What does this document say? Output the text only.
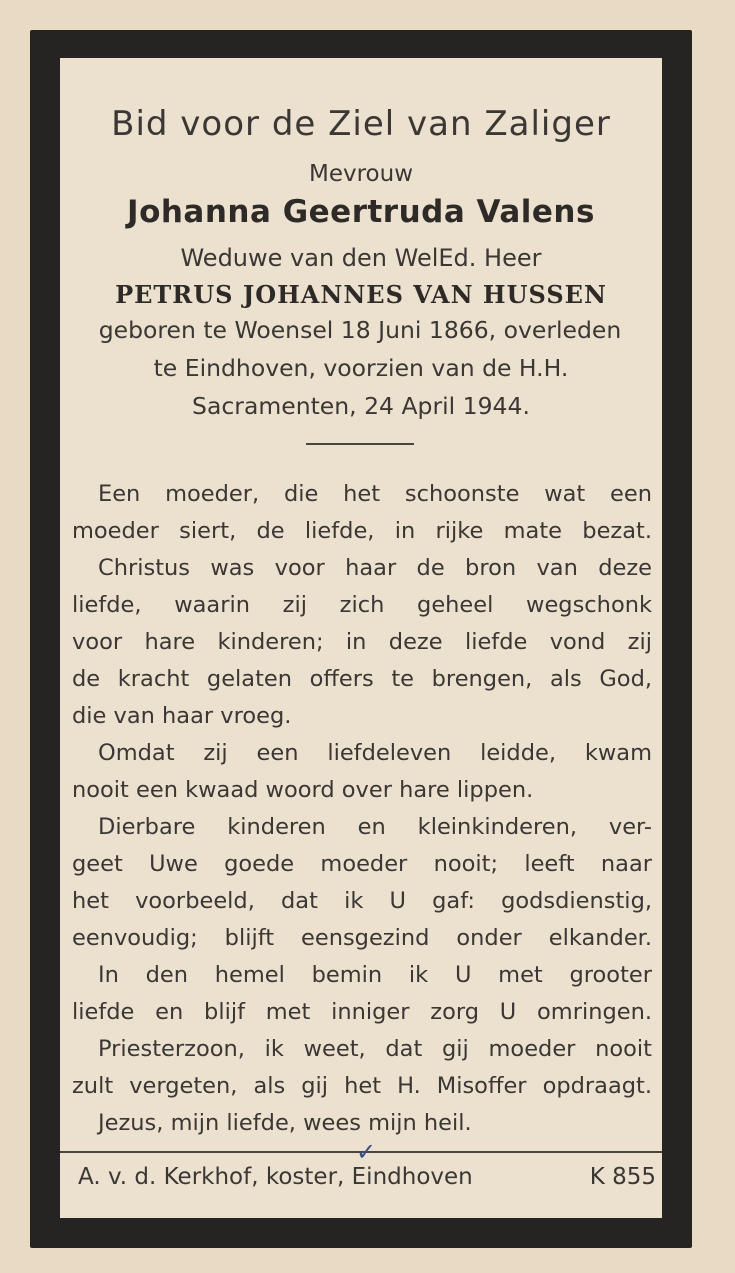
Bid voor de Ziel van Zaliger
Mevrouw
Johanna Geertruda Valens
Weduwe van den WelEd. Heer
PETRUS JOHANNES VAN HUSSEN
geboren te Woensel 18 Juni 1866, overleden
te Eindhoven, voorzien van de H.H.
Sacramenten, 24 April 1944.
Een moeder, die het schoonste wat een
moeder siert, de liefde, in rijke mate bezat.
Christus was voor haar de bron van deze
liefde, waarin zij zich geheel wegschonk
voor hare kinderen; in deze liefde vond zij
de kracht gelaten offers te brengen, als God,
die van haar vroeg.
Omdat zij een liefdeleven leidde, kwam
nooit een kwaad woord over hare lippen.
Dierbare kinderen en kleinkinderen, ver-
geet Uwe goede moeder nooit; leeft naar
het voorbeeld, dat ik U gaf: godsdienstig,
eenvoudig; blijft eensgezind onder elkander.
In den hemel bemin ik U met grooter
liefde en blijf met inniger zorg U omringen.
Priesterzoon, ik weet, dat gij moeder nooit
zult vergeten, als gij het H. Misoffer opdraagt.
Jezus, mijn liefde, wees mijn heil.
✓
A. v. d. Kerkhof, koster, Eindhoven	K 855
